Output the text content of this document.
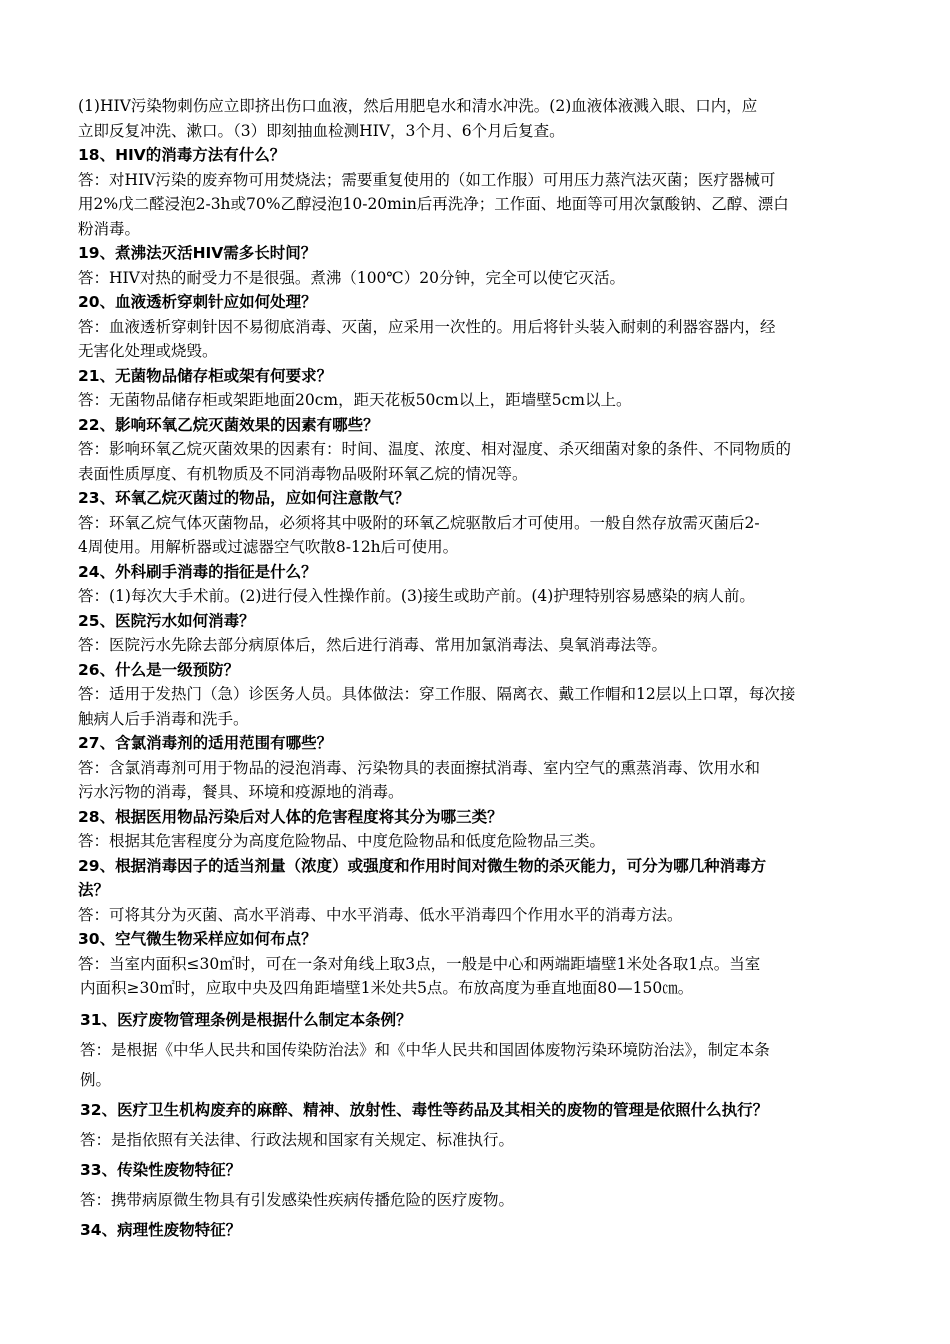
(1)HIV污染物刺伤应立即挤出伤口血液，然后用肥皂水和清水冲洗。(2)血液体液溅入眼、口内，应
立即反复冲洗、漱口。（3）即刻抽血检测HIV，3个月、6个月后复查。
18、HIV的消毒方法有什么？
答：对HIV污染的废弃物可用焚烧法；需要重复使用的（如工作服）可用压力蒸汽法灭菌；医疗器械可
用2%戊二醛浸泡2-3h或70%乙醇浸泡10-20min后再洗净；工作面、地面等可用次氯酸钠、乙醇、漂白
粉消毒。
19、煮沸法灭活HIV需多长时间？
答：HIV对热的耐受力不是很强。煮沸（100℃）20分钟，完全可以使它灭活。
20、血液透析穿刺针应如何处理？
答：血液透析穿刺针因不易彻底消毒、灭菌，应采用一次性的。用后将针头装入耐刺的利器容器内，经
无害化处理或烧毁。
21、无菌物品储存柜或架有何要求？
答：无菌物品储存柜或架距地面20cm，距天花板50cm以上，距墙壁5cm以上。
22、影响环氧乙烷灭菌效果的因素有哪些？
答：影响环氧乙烷灭菌效果的因素有：时间、温度、浓度、相对湿度、杀灭细菌对象的条件、不同物质的
表面性质厚度、有机物质及不同消毒物品吸附环氧乙烷的情况等。
23、环氧乙烷灭菌过的物品，应如何注意散气？
答：环氧乙烷气体灭菌物品，必须将其中吸附的环氧乙烷驱散后才可使用。一般自然存放需灭菌后2-
4周使用。用解析器或过滤器空气吹散8-12h后可使用。
24、外科刷手消毒的指征是什么？
答：(1)每次大手术前。(2)进行侵入性操作前。(3)接生或助产前。(4)护理特别容易感染的病人前。
25、医院污水如何消毒？
答：医院污水先除去部分病原体后，然后进行消毒、常用加氯消毒法、臭氧消毒法等。
26、什么是一级预防？
答：适用于发热门（急）诊医务人员。具体做法：穿工作服、隔离衣、戴工作帽和12层以上口罩，每次接
触病人后手消毒和洗手。
27、含氯消毒剂的适用范围有哪些？
答：含氯消毒剂可用于物品的浸泡消毒、污染物具的表面擦拭消毒、室内空气的熏蒸消毒、饮用水和
污水污物的消毒，餐具、环境和疫源地的消毒。
28、根据医用物品污染后对人体的危害程度将其分为哪三类？
答：根据其危害程度分为高度危险物品、中度危险物品和低度危险物品三类。
29、根据消毒因子的适当剂量（浓度）或强度和作用时间对微生物的杀灭能力，可分为哪几种消毒方
法？
答：可将其分为灭菌、高水平消毒、中水平消毒、低水平消毒四个作用水平的消毒方法。
30、空气微生物采样应如何布点？
答：当室内面积≤30㎡时，可在一条对角线上取3点，一般是中心和两端距墙壁1米处各取1点。当室
内面积≥30㎡时，应取中央及四角距墙壁1米处共5点。布放高度为垂直地面80—150㎝。
31、医疗废物管理条例是根据什么制定本条例？
答：是根据《中华人民共和国传染防治法》和《中华人民共和国固体废物污染环境防治法》，制定本条
例。
32、医疗卫生机构废弃的麻醉、精神、放射性、毒性等药品及其相关的废物的管理是依照什么执行？
答：是指依照有关法律、行政法规和国家有关规定、标准执行。
33、传染性废物特征？
答：携带病原微生物具有引发感染性疾病传播危险的医疗废物。
34、病理性废物特征？
